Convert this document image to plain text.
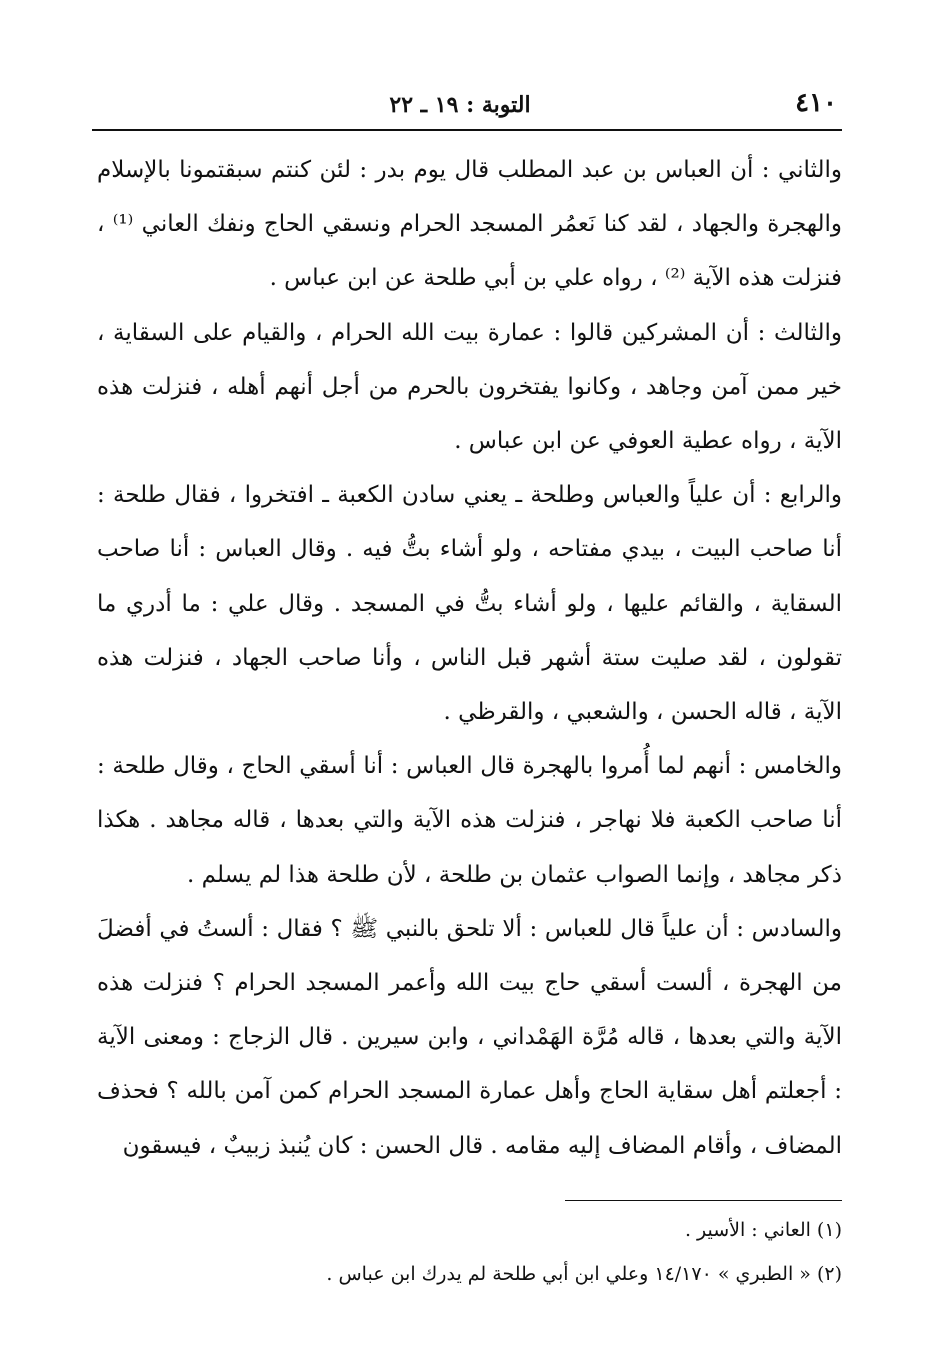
٤١٠
التوبة : ١٩ ـ ٢٢

والثاني : أن العباس بن عبد المطلب قال يوم بدر : لئن كنتم سبقتمونا بالإسلام والهجرة والجهاد ، لقد كنا نَعمُر المسجد الحرام ونسقي الحاج ونفك العاني ⁽¹⁾ ، فنزلت هذه الآية ⁽²⁾ ، رواه علي بن أبي طلحة عن ابن عباس .

والثالث : أن المشركين قالوا : عمارة بيت الله الحرام ، والقيام على السقاية ، خير ممن آمن وجاهد ، وكانوا يفتخرون بالحرم من أجل أنهم أهله ، فنزلت هذه الآية ، رواه عطية العوفي عن ابن عباس .

والرابع : أن علياً والعباس وطلحة ـ يعني سادن الكعبة ـ افتخروا ، فقال طلحة : أنا صاحب البيت ، بيدي مفتاحه ، ولو أشاء بتُّ فيه . وقال العباس : أنا صاحب السقاية ، والقائم عليها ، ولو أشاء بتُّ في المسجد . وقال علي : ما أدري ما تقولون ، لقد صليت ستة أشهر قبل الناس ، وأنا صاحب الجهاد ، فنزلت هذه الآية ، قاله الحسن ، والشعبي ، والقرظي .

والخامس : أنهم لما أُمروا بالهجرة قال العباس : أنا أسقي الحاج ، وقال طلحة : أنا صاحب الكعبة فلا نهاجر ، فنزلت هذه الآية والتي بعدها ، قاله مجاهد . هكذا ذكر مجاهد ، وإنما الصواب عثمان بن طلحة ، لأن طلحة هذا لم يسلم .

والسادس : أن علياً قال للعباس : ألا تلحق بالنبي ﷺ ؟ فقال : ألستُ في أفضلَ من الهجرة ، ألست أسقي حاج بيت الله وأعمر المسجد الحرام ؟ فنزلت هذه الآية والتي بعدها ، قاله مُرَّة الهَمْداني ، وابن سيرين . قال الزجاج : ومعنى الآية : أجعلتم أهل سقاية الحاج وأهل عمارة المسجد الحرام كمن آمن بالله ؟ فحذف المضاف ، وأقام المضاف إليه مقامه . قال الحسن : كان يُنبذ زبيبٌ ، فيسقون

(١) العاني : الأسير .

(٢) « الطبري » ١٤/١٧٠ وعلي ابن أبي طلحة لم يدرك ابن عباس .
